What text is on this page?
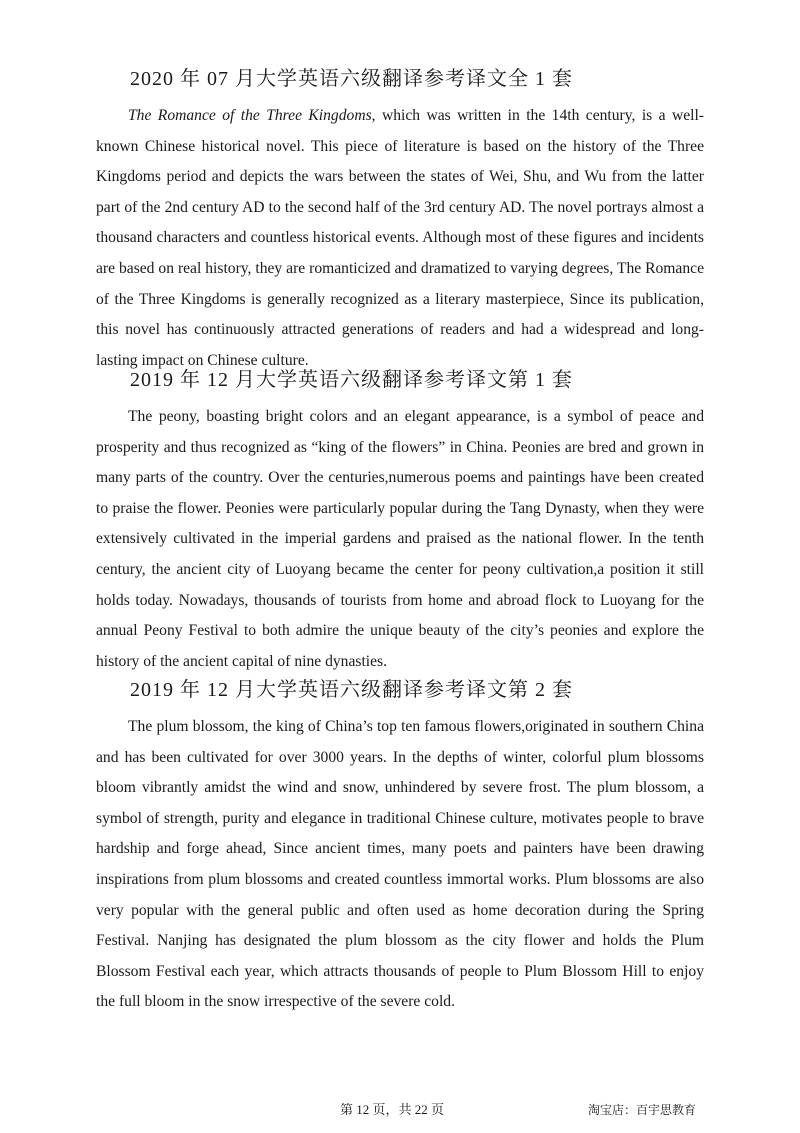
2020 年 07 月大学英语六级翻译参考译文全 1 套

The Romance of the Three Kingdoms, which was written in the 14th century, is a well-known Chinese historical novel. This piece of literature is based on the history of the Three Kingdoms period and depicts the wars between the states of Wei, Shu, and Wu from the latter part of the 2nd century AD to the second half of the 3rd century AD. The novel portrays almost a thousand characters and countless historical events. Although most of these figures and incidents are based on real history, they are romanticized and dramatized to varying degrees, The Romance of the Three Kingdoms is generally recognized as a literary masterpiece, Since its publication, this novel has continuously attracted generations of readers and had a widespread and long-lasting impact on Chinese culture.

2019 年 12 月大学英语六级翻译参考译文第 1 套

The peony, boasting bright colors and an elegant appearance, is a symbol of peace and prosperity and thus recognized as “king of the flowers” in China. Peonies are bred and grown in many parts of the country. Over the centuries,numerous poems and paintings have been created to praise the flower. Peonies were particularly popular during the Tang Dynasty, when they were extensively cultivated in the imperial gardens and praised as the national flower. In the tenth century, the ancient city of Luoyang became the center for peony cultivation,a position it still holds today. Nowadays, thousands of tourists from home and abroad flock to Luoyang for the annual Peony Festival to both admire the unique beauty of the city’s peonies and explore the history of the ancient capital of nine dynasties.

2019 年 12 月大学英语六级翻译参考译文第 2 套

The plum blossom, the king of China’s top ten famous flowers,originated in southern China and has been cultivated for over 3000 years. In the depths of winter, colorful plum blossoms bloom vibrantly amidst the wind and snow, unhindered by severe frost. The plum blossom, a symbol of strength, purity and elegance in traditional Chinese culture, motivates people to brave hardship and forge ahead, Since ancient times, many poets and painters have been drawing inspirations from plum blossoms and created countless immortal works. Plum blossoms are also very popular with the general public and often used as home decoration during the Spring Festival. Nanjing has designated the plum blossom as the city flower and holds the Plum Blossom Festival each year, which attracts thousands of people to Plum Blossom Hill to enjoy the full bloom in the snow irrespective of the severe cold.

第 12 页，共 22 页	淘宝店：百宇思教育
